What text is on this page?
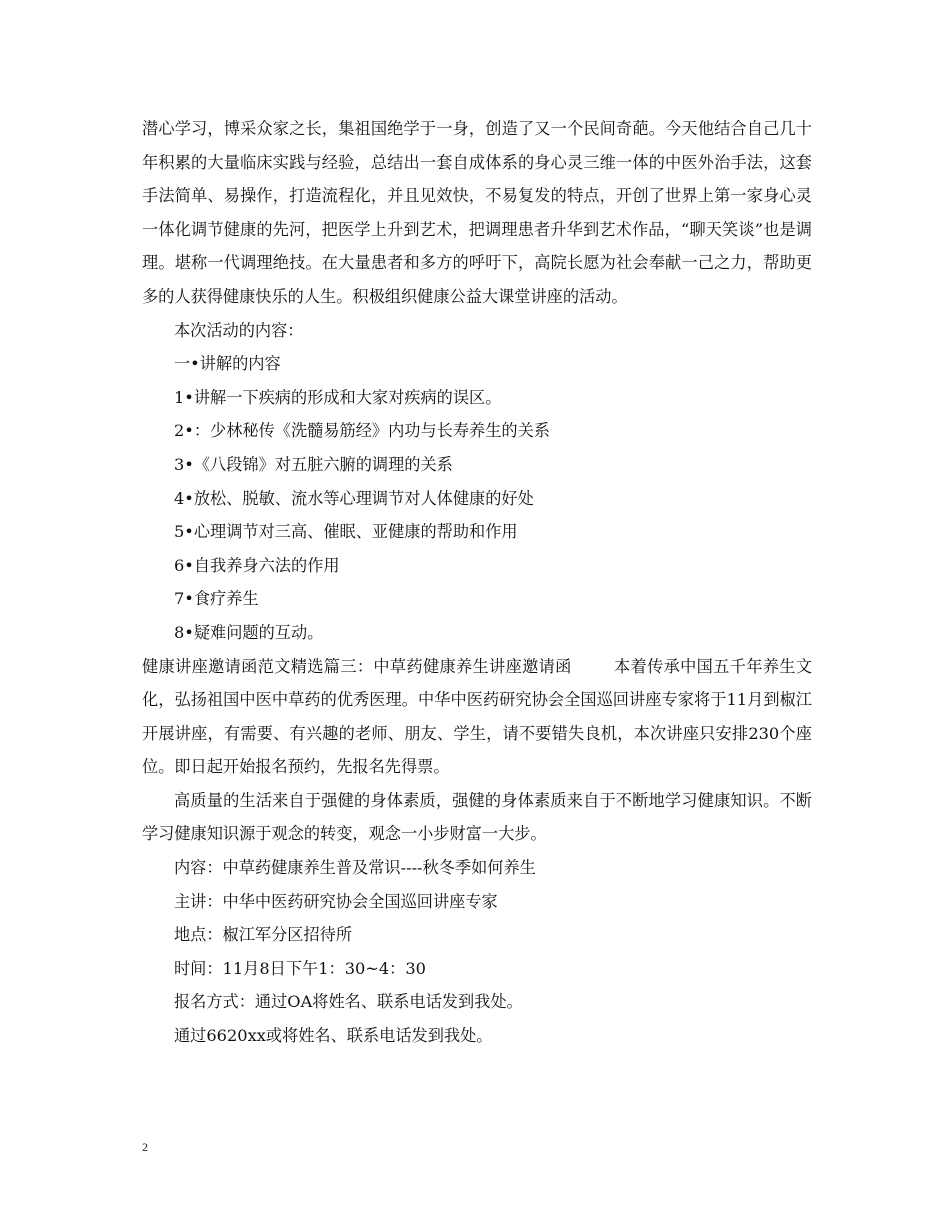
潜心学习，博采众家之长，集祖国绝学于一身，创造了又一个民间奇葩。今天他结合自己几十年积累的大量临床实践与经验，总结出一套自成体系的身心灵三维一体的中医外治手法，这套手法简单、易操作，打造流程化，并且见效快，不易复发的特点，开创了世界上第一家身心灵一体化调节健康的先河，把医学上升到艺术，把调理患者升华到艺术作品，“聊天笑谈”也是调理。堪称一代调理绝技。在大量患者和多方的呼吁下，高院长愿为社会奉献一己之力，帮助更多的人获得健康快乐的人生。积极组织健康公益大课堂讲座的活动。

本次活动的内容：

一•讲解的内容

1•讲解一下疾病的形成和大家对疾病的误区。

2•：少林秘传《洗髓易筋经》内功与长寿养生的关系

3•《八段锦》对五脏六腑的调理的关系

4•放松、脱敏、流水等心理调节对人体健康的好处

5•心理调节对三高、催眠、亚健康的帮助和作用

6•自我养身六法的作用

7•食疗养生

8•疑难问题的互动。

健康讲座邀请函范文精选篇三：中草药健康养生讲座邀请函	本着传承中国五千年养生文化，弘扬祖国中医中草药的优秀医理。中华中医药研究协会全国巡回讲座专家将于11月到椒江开展讲座，有需要、有兴趣的老师、朋友、学生，请不要错失良机，本次讲座只安排230个座位。即日起开始报名预约，先报名先得票。

高质量的生活来自于强健的身体素质，强健的身体素质来自于不断地学习健康知识。不断学习健康知识源于观念的转变，观念一小步财富一大步。

内容：中草药健康养生普及常识----秋冬季如何养生

主讲：中华中医药研究协会全国巡回讲座专家

地点：椒江军分区招待所

时间：11月8日下午1：30~4：30

报名方式：通过OA将姓名、联系电话发到我处。

通过6620xx或将姓名、联系电话发到我处。

2
